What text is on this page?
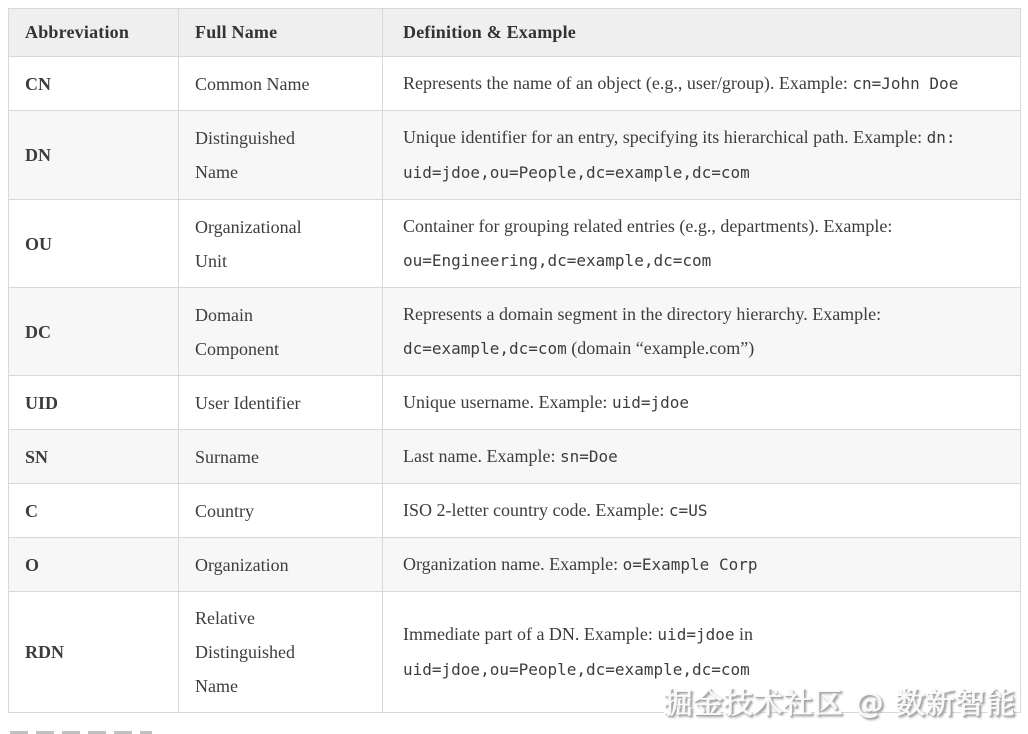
Abbreviation	Full Name	Definition & Example
CN	Common Name	Represents the name of an object (e.g., user/group). Example: cn=John Doe

DN	Distinguished Name	Unique identifier for an entry, specifying its hierarchical path. Example: dn: uid=jdoe,ou=People,dc=example,dc=com

OU	Organizational Unit	Container for grouping related entries (e.g., departments). Example: ou=Engineering,dc=example,dc=com

DC	Domain Component	Represents a domain segment in the directory hierarchy. Example: dc=example,dc=com (domain “example.com”)

UID	User Identifier	Unique username. Example: uid=jdoe

SN	Surname	Last name. Example: sn=Doe

C	Country	ISO 2-letter country code. Example: c=US

O	Organization	Organization name. Example: o=Example Corp

RDN	Relative Distinguished Name	Immediate part of a DN. Example: uid=jdoe in uid=jdoe,ou=People,dc=example,dc=com
掘金技术社区 @ 数新智能
